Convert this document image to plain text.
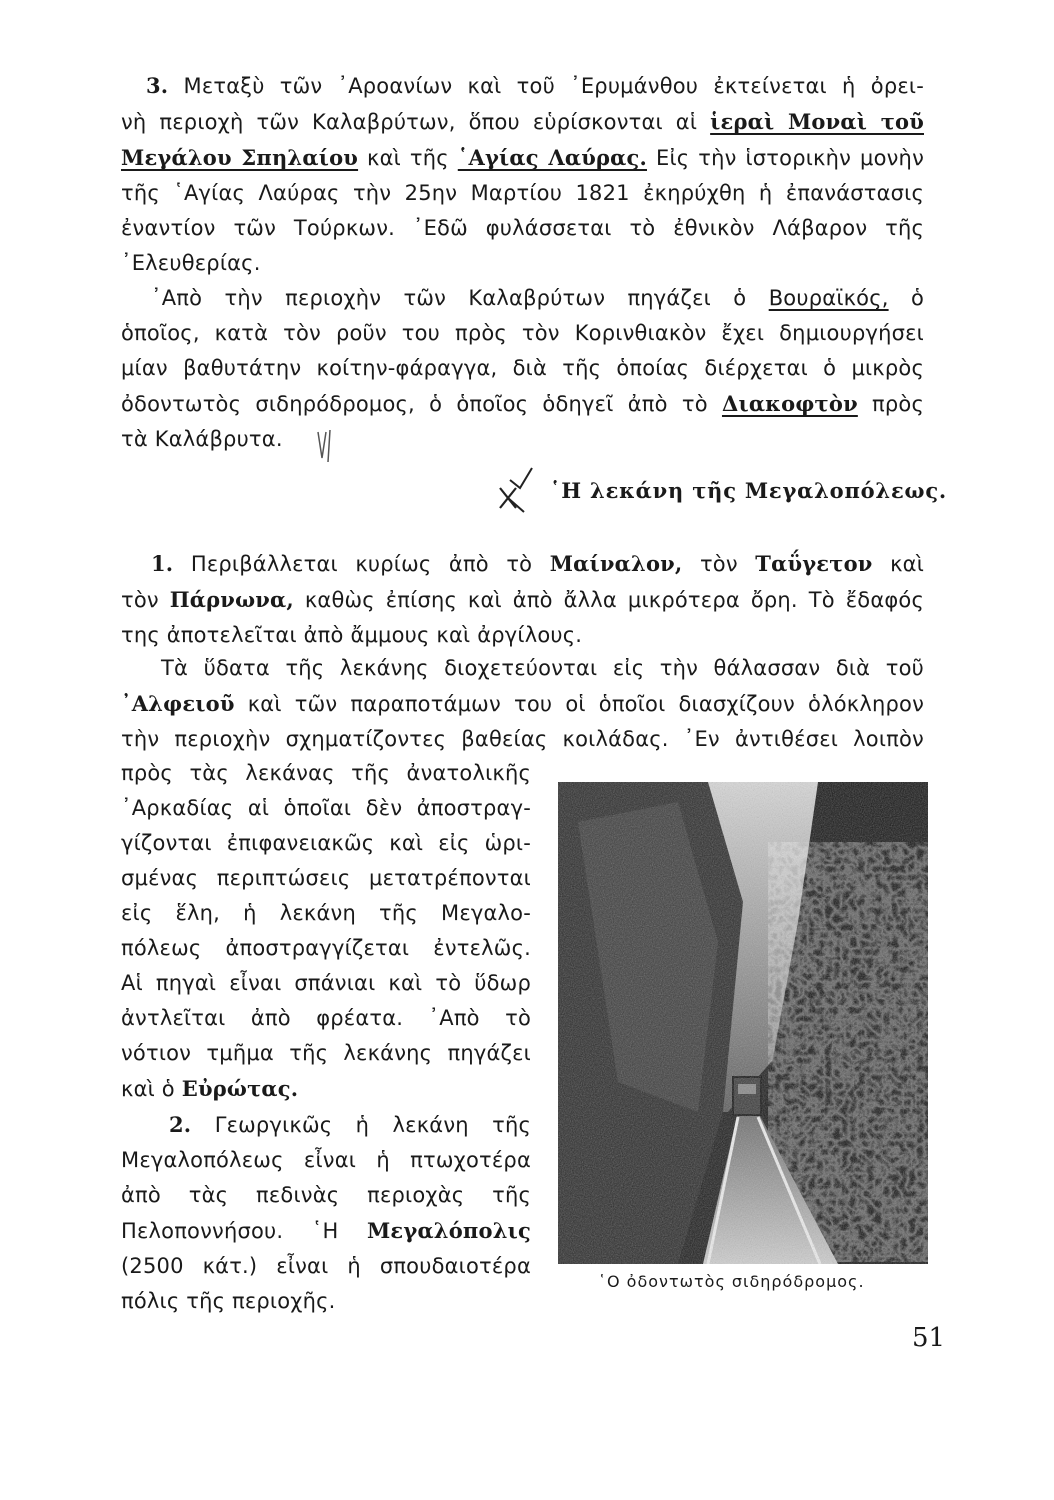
3. Μεταξὺ τῶν ᾿Αροανίων καὶ τοῦ ᾿Ερυμάνθου ἐκτείνεται ἡ ὀρει-
νὴ περιοχὴ τῶν Καλαβρύτων, ὅπου εὑρίσκονται αἱ ἱεραὶ Μοναὶ τοῦ
Μεγάλου Σπηλαίου καὶ τῆς ῾Αγίας Λαύρας. Εἰς τὴν ἱστορικὴν μονὴν
τῆς ῾Αγίας Λαύρας τὴν 25ην Μαρτίου 1821 ἐκηρύχθη ἡ ἐπανάστασις
ἐναντίον τῶν Τούρκων. ᾿Εδῶ φυλάσσεται τὸ ἐθνικὸν Λάβαρον τῆς
᾿Ελευθερίας.
᾿Απὸ τὴν περιοχὴν τῶν Καλαβρύτων πηγάζει ὁ Βουραϊκός, ὁ
ὁποῖος, κατὰ τὸν ροῦν του πρὸς τὸν Κορινθιακὸν ἔχει δημιουργήσει
μίαν βαθυτάτην κοίτην-φάραγγα, διὰ τῆς ὁποίας διέρχεται ὁ μικρὸς
ὀδοντωτὸς σιδηρόδρομος, ὁ ὁποῖος ὁδηγεῖ ἀπὸ τὸ Διακοφτὸν πρὸς
τὰ Καλάβρυτα.
῾Η λεκάνη τῆς Μεγαλοπόλεως.
1. Περιβάλλεται κυρίως ἀπὸ τὸ Μαίναλον, τὸν Ταΰγετον καὶ
τὸν Πάρνωνα, καθὼς ἐπίσης καὶ ἀπὸ ἄλλα μικρότερα ὄρη. Τὸ ἔδαφός
της ἀποτελεῖται ἀπὸ ἄμμους καὶ ἀργίλους.
Τὰ ὕδατα τῆς λεκάνης διοχετεύονται εἰς τὴν θάλασσαν διὰ τοῦ
᾿Αλφειοῦ καὶ τῶν παραποτάμων του οἱ ὁποῖοι διασχίζουν ὁλόκληρον
τὴν περιοχὴν σχηματίζοντες βαθείας κοιλάδας. ᾿Εν ἀντιθέσει λοιπὸν
πρὸς τὰς λεκάνας τῆς ἀνατολικῆς
᾿Αρκαδίας αἱ ὁποῖαι δὲν ἀποστραγ-
γίζονται ἐπιφανειακῶς καὶ εἰς ὡρι-
σμένας περιπτώσεις μετατρέπονται
εἰς ἕλη, ἡ λεκάνη τῆς Μεγαλο-
πόλεως ἀποστραγγίζεται ἐντελῶς.
Αἱ πηγαὶ εἶναι σπάνιαι καὶ τὸ ὕδωρ
ἀντλεῖται ἀπὸ φρέατα. ᾿Απὸ τὸ
νότιον τμῆμα τῆς λεκάνης πηγάζει
καὶ ὁ Εὐρώτας.
2. Γεωργικῶς ἡ λεκάνη τῆς
Μεγαλοπόλεως εἶναι ἡ πτωχοτέρα
ἀπὸ τὰς πεδινὰς περιοχὰς τῆς
Πελοποννήσου. ῾Η Μεγαλόπολις
(2500 κάτ.) εἶναι ἡ σπουδαιοτέρα
πόλις τῆς περιοχῆς.
῾Ο ὀδοντωτὸς σιδηρόδρομος.
51
